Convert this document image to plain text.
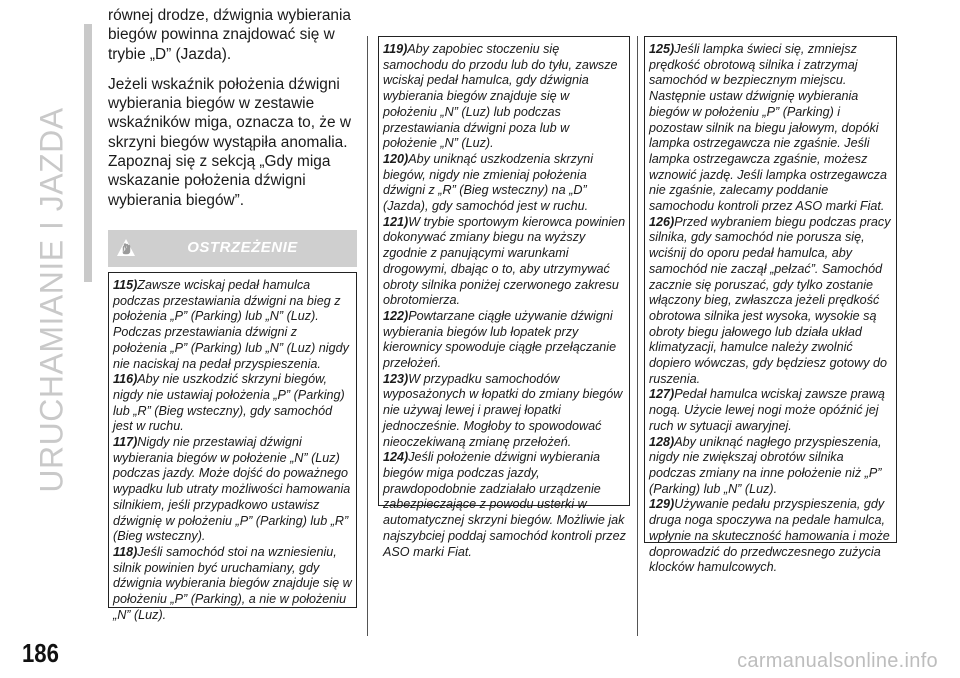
URUCHAMIANIE I JAZDA

równej drodze, dźwignia wybierania biegów powinna znajdować się w trybie „D” (Jazda).

Jeżeli wskaźnik położenia dźwigni wybierania biegów w zestawie wskaźników miga, oznacza to, że w skrzyni biegów wystąpiła anomalia. Zapoznaj się z sekcją „Gdy miga wskazanie położenia dźwigni wybierania biegów”.

OSTRZEŻENIE

115)Zawsze wciskaj pedał hamulca podczas przestawiania dźwigni na bieg z położenia „P” (Parking) lub „N” (Luz). Podczas przestawiania dźwigni z położenia „P” (Parking) lub „N” (Luz) nigdy nie naciskaj na pedał przyspieszenia.

116)Aby nie uszkodzić skrzyni biegów, nigdy nie ustawiaj położenia „P” (Parking) lub „R” (Bieg wsteczny), gdy samochód jest w ruchu.

117)Nigdy nie przestawiaj dźwigni wybierania biegów w położenie „N” (Luz) podczas jazdy. Może dojść do poważnego wypadku lub utraty możliwości hamowania silnikiem, jeśli przypadkowo ustawisz dźwignię w położeniu „P” (Parking) lub „R” (Bieg wsteczny).

118)Jeśli samochód stoi na wzniesieniu, silnik powinien być uruchamiany, gdy dźwignia wybierania biegów znajduje się w położeniu „P” (Parking), a nie w położeniu „N” (Luz).

119)Aby zapobiec stoczeniu się samochodu do przodu lub do tyłu, zawsze wciskaj pedał hamulca, gdy dźwignia wybierania biegów znajduje się w położeniu „N” (Luz) lub podczas przestawiania dźwigni poza lub w położenie „N” (Luz).

120)Aby uniknąć uszkodzenia skrzyni biegów, nigdy nie zmieniaj położenia dźwigni z „R” (Bieg wsteczny) na „D” (Jazda), gdy samochód jest w ruchu.

121)W trybie sportowym kierowca powinien dokonywać zmiany biegu na wyższy zgodnie z panującymi warunkami drogowymi, dbając o to, aby utrzymywać obroty silnika poniżej czerwonego zakresu obrotomierza.

122)Powtarzane ciągłe używanie dźwigni wybierania biegów lub łopatek przy kierownicy spowoduje ciągłe przełączanie przełożeń.

123)W przypadku samochodów wyposażonych w łopatki do zmiany biegów nie używaj lewej i prawej łopatki jednocześnie. Mogłoby to spowodować nieoczekiwaną zmianę przełożeń.

124)Jeśli położenie dźwigni wybierania biegów miga podczas jazdy, prawdopodobnie zadziałało urządzenie zabezpieczające z powodu usterki w automatycznej skrzyni biegów. Możliwie jak najszybciej poddaj samochód kontroli przez ASO marki Fiat.

125)Jeśli lampka świeci się, zmniejsz prędkość obrotową silnika i zatrzymaj samochód w bezpiecznym miejscu. Następnie ustaw dźwignię wybierania biegów w położeniu „P” (Parking) i pozostaw silnik na biegu jałowym, dopóki lampka ostrzegawcza nie zgaśnie. Jeśli lampka ostrzegawcza zgaśnie, możesz wznowić jazdę. Jeśli lampka ostrzegawcza nie zgaśnie, zalecamy poddanie samochodu kontroli przez ASO marki Fiat.

126)Przed wybraniem biegu podczas pracy silnika, gdy samochód nie porusza się, wciśnij do oporu pedał hamulca, aby samochód nie zaczął „pełzać”. Samochód zacznie się poruszać, gdy tylko zostanie włączony bieg, zwłaszcza jeżeli prędkość obrotowa silnika jest wysoka, wysokie są obroty biegu jałowego lub działa układ klimatyzacji, hamulce należy zwolnić dopiero wówczas, gdy będziesz gotowy do ruszenia.

127)Pedał hamulca wciskaj zawsze prawą nogą. Użycie lewej nogi może opóźnić jej ruch w sytuacji awaryjnej.

128)Aby uniknąć nagłego przyspieszenia, nigdy nie zwiększaj obrotów silnika podczas zmiany na inne położenie niż „P” (Parking) lub „N” (Luz).

129)Używanie pedału przyspieszenia, gdy druga noga spoczywa na pedale hamulca, wpłynie na skuteczność hamowania i może doprowadzić do przedwczesnego zużycia klocków hamulcowych.

186	carmanualsonline.info
